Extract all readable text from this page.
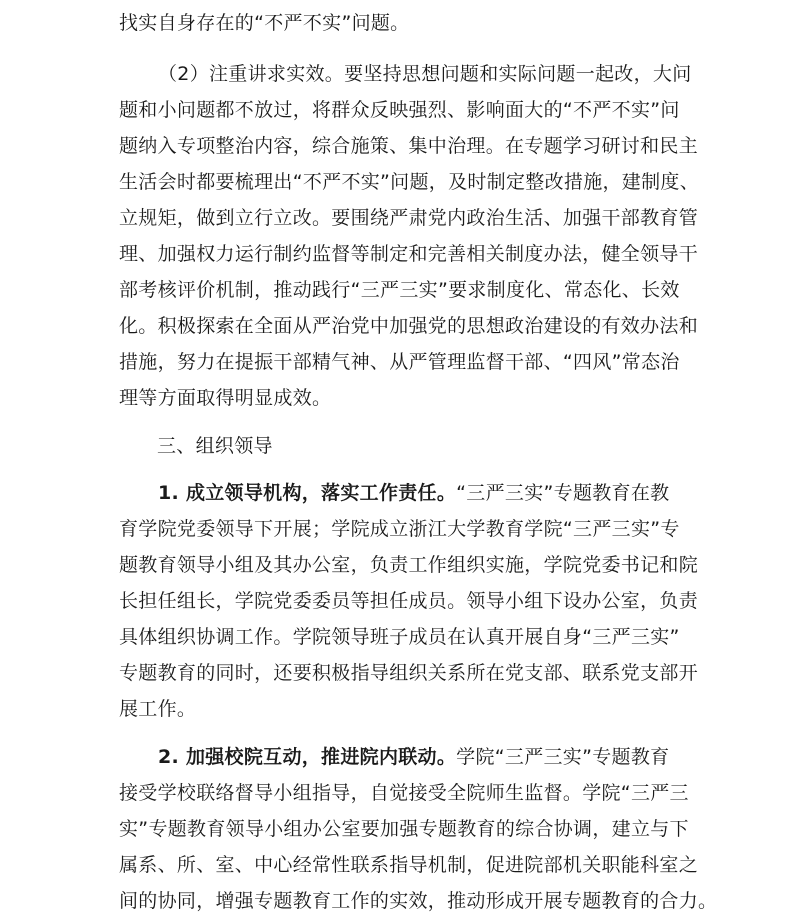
找实自身存在的“不严不实”问题。
（2）注重讲求实效。要坚持思想问题和实际问题一起改，大问
题和小问题都不放过，将群众反映强烈、影响面大的“不严不实”问
题纳入专项整治内容，综合施策、集中治理。在专题学习研讨和民主
生活会时都要梳理出“不严不实”问题，及时制定整改措施，建制度、
立规矩，做到立行立改。要围绕严肃党内政治生活、加强干部教育管
理、加强权力运行制约监督等制定和完善相关制度办法，健全领导干
部考核评价机制，推动践行“三严三实”要求制度化、常态化、长效
化。积极探索在全面从严治党中加强党的思想政治建设的有效办法和
措施，努力在提振干部精气神、从严管理监督干部、“四风”常态治
理等方面取得明显成效。
三、组织领导
1. 成立领导机构，落实工作责任。“三严三实”专题教育在教
育学院党委领导下开展；学院成立浙江大学教育学院“三严三实”专
题教育领导小组及其办公室，负责工作组织实施，学院党委书记和院
长担任组长，学院党委委员等担任成员。领导小组下设办公室，负责
具体组织协调工作。学院领导班子成员在认真开展自身“三严三实”
专题教育的同时，还要积极指导组织关系所在党支部、联系党支部开
展工作。
2. 加强校院互动，推进院内联动。学院“三严三实”专题教育
接受学校联络督导小组指导，自觉接受全院师生监督。学院“三严三
实”专题教育领导小组办公室要加强专题教育的综合协调，建立与下
属系、所、室、中心经常性联系指导机制，促进院部机关职能科室之
间的协同，增强专题教育工作的实效，推动形成开展专题教育的合力。
